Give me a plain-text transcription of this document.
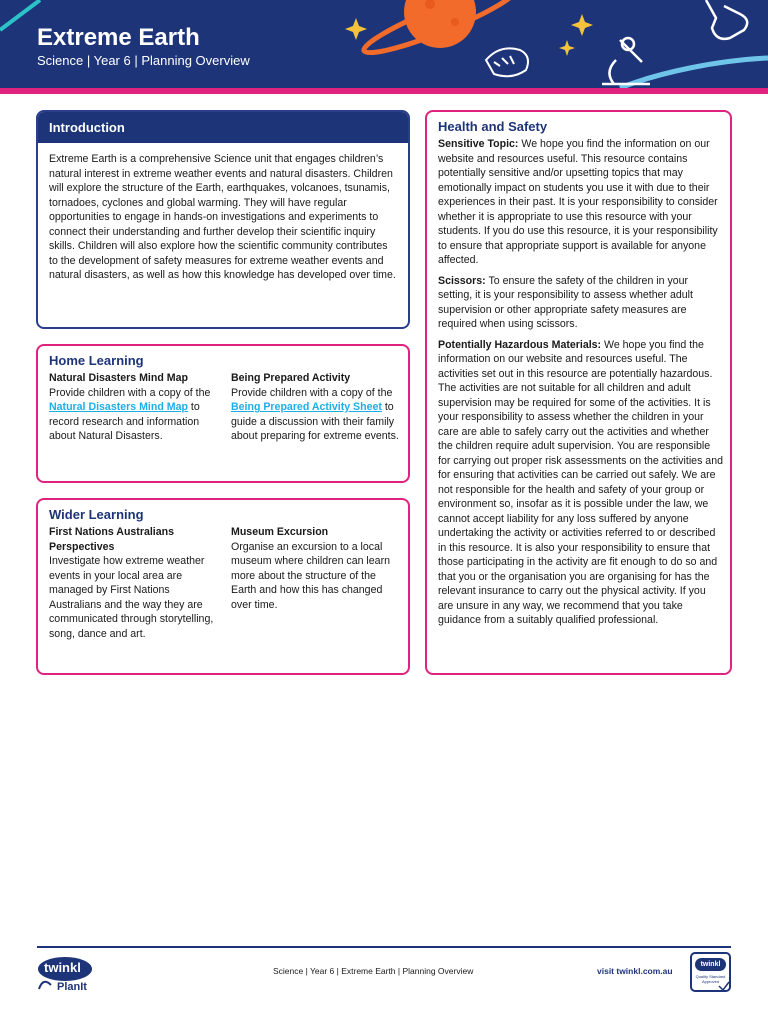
Extreme Earth
Science | Year 6 | Planning Overview
Introduction
Extreme Earth is a comprehensive Science unit that engages children’s natural interest in extreme weather events and natural disasters. Children will explore the structure of the Earth, earthquakes, volcanoes, tsunamis, tornadoes, cyclones and global warming. They will have regular opportunities to engage in hands-on investigations and experiments to connect their understanding and further develop their scientific inquiry skills. Children will also explore how the scientific community contributes to the development of safety measures for extreme weather events and natural disasters, as well as how this knowledge has developed over time.
Home Learning
Natural Disasters Mind Map
Provide children with a copy of the Natural Disasters Mind Map to record research and information about Natural Disasters.
Being Prepared Activity
Provide children with a copy of the Being Prepared Activity Sheet to guide a discussion with their family about preparing for extreme events.
Wider Learning
First Nations Australians Perspectives
Investigate how extreme weather events in your local area are managed by First Nations Australians and the way they are communicated through storytelling, song, dance and art.
Museum Excursion
Organise an excursion to a local museum where children can learn more about the structure of the Earth and how this has changed over time.
Health and Safety
Sensitive Topic: We hope you find the information on our website and resources useful. This resource contains potentially sensitive and/or upsetting topics that may emotionally impact on students you use it with due to their experiences in their past. It is your responsibility to consider whether it is appropriate to use this resource with your students. If you do use this resource, it is your responsibility to ensure that appropriate support is available for anyone affected.
Scissors: To ensure the safety of the children in your setting, it is your responsibility to assess whether adult supervision or other appropriate safety measures are required when using scissors.
Potentially Hazardous Materials: We hope you find the information on our website and resources useful. The activities set out in this resource are potentially hazardous. The activities are not suitable for all children and adult supervision may be required for some of the activities. It is your responsibility to assess whether the children in your care are able to safely carry out the activities and whether the children require adult supervision. You are responsible for carrying out proper risk assessments on the activities and for ensuring that activities can be carried out safely. We are not responsible for the health and safety of your group or environment so, insofar as it is possible under the law, we cannot accept liability for any loss suffered by anyone undertaking the activity or activities referred to or described in this resource. It is also your responsibility to ensure that those participating in the activity are fit enough to do so and that you or the organisation you are organising for has the relevant insurance to carry out the physical activity. If you are unsure in any way, we recommend that you take guidance from a suitably qualified professional.
twinkl
PlanIt
Science | Year 6 | Extreme Earth | Planning Overview	visit twinkl.com.au
twinkl
Quality Standard Approved
